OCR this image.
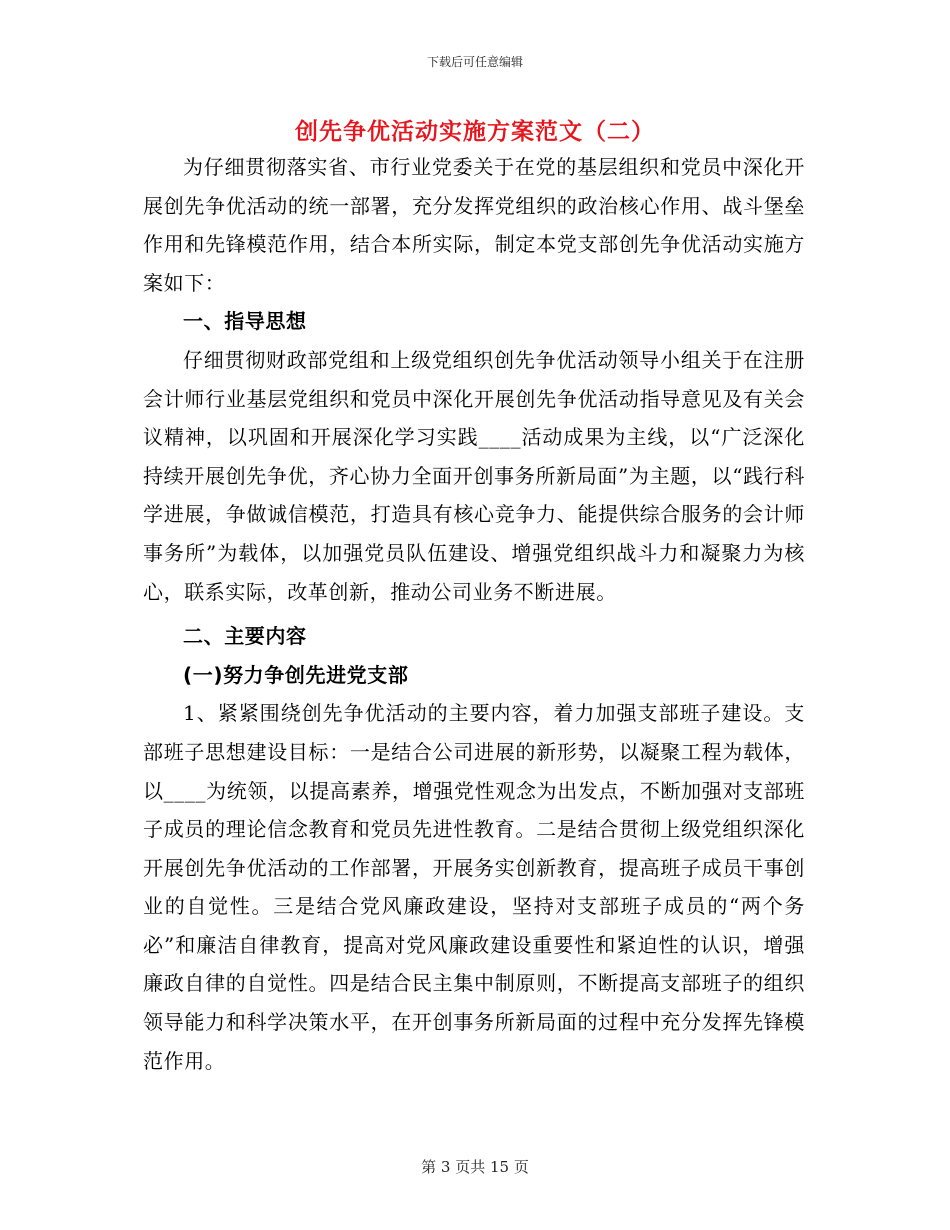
下载后可任意编辑
创先争优活动实施方案范文（二）

为仔细贯彻落实省、市行业党委关于在党的基层组织和党员中深化开展创先争优活动的统一部署，充分发挥党组织的政治核心作用、战斗堡垒作用和先锋模范作用，结合本所实际，制定本党支部创先争优活动实施方案如下：

一、指导思想

仔细贯彻财政部党组和上级党组织创先争优活动领导小组关于在注册会计师行业基层党组织和党员中深化开展创先争优活动指导意见及有关会议精神，以巩固和开展深化学习实践____活动成果为主线，以“广泛深化持续开展创先争优，齐心协力全面开创事务所新局面”为主题，以“践行科学进展，争做诚信模范，打造具有核心竞争力、能提供综合服务的会计师事务所”为载体，以加强党员队伍建设、增强党组织战斗力和凝聚力为核心，联系实际，改革创新，推动公司业务不断进展。

二、主要内容

(一)努力争创先进党支部

1、紧紧围绕创先争优活动的主要内容，着力加强支部班子建设。支部班子思想建设目标：一是结合公司进展的新形势，以凝聚工程为载体，以____为统领，以提高素养，增强党性观念为出发点，不断加强对支部班子成员的理论信念教育和党员先进性教育。二是结合贯彻上级党组织深化开展创先争优活动的工作部署，开展务实创新教育，提高班子成员干事创业的自觉性。三是结合党风廉政建设，坚持对支部班子成员的“两个务必”和廉洁自律教育，提高对党风廉政建设重要性和紧迫性的认识，增强廉政自律的自觉性。四是结合民主集中制原则，不断提高支部班子的组织领导能力和科学决策水平，在开创事务所新局面的过程中充分发挥先锋模范作用。

第 3 页共 15 页
